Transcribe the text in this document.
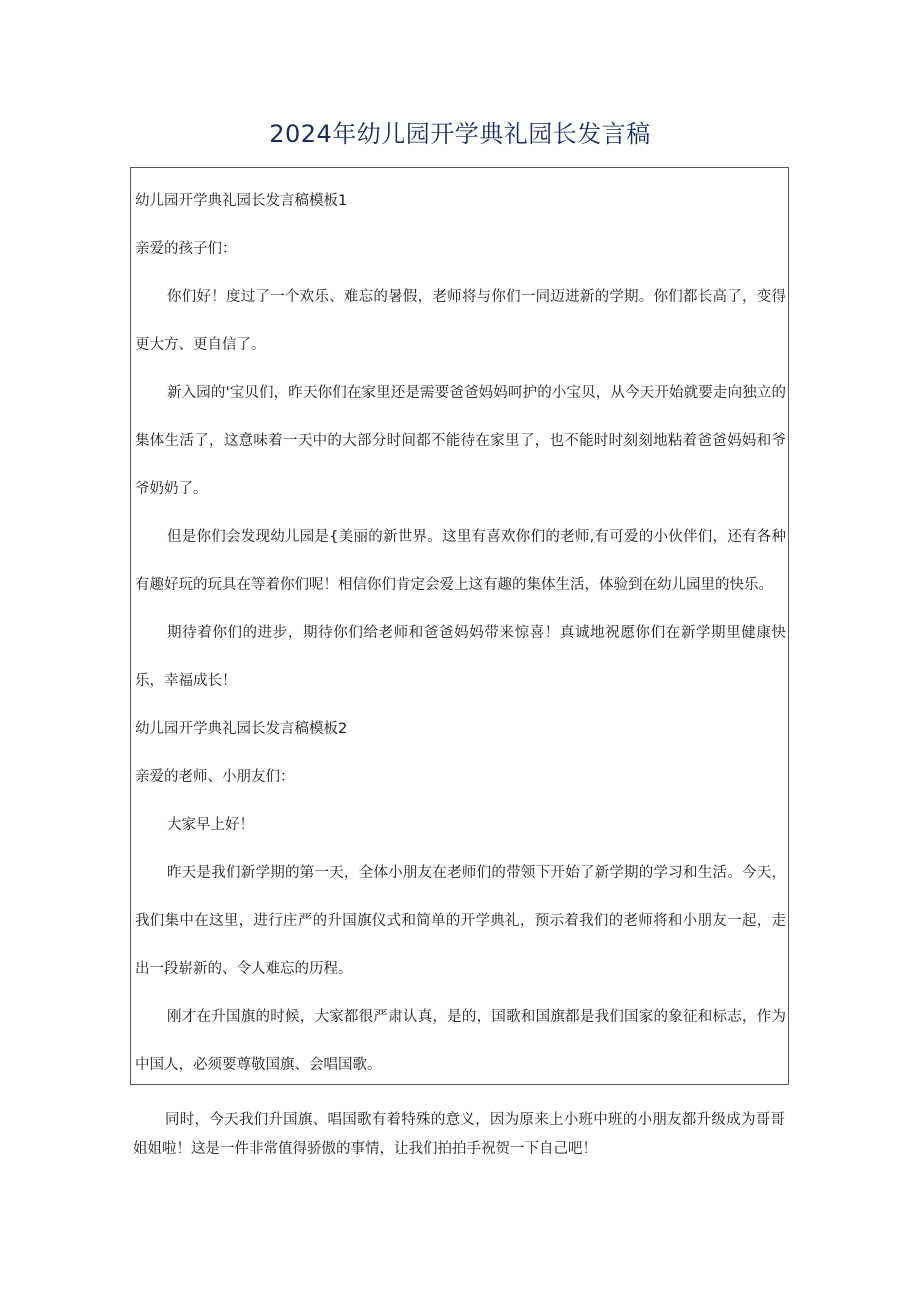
2024年幼儿园开学典礼园长发言稿

幼儿园开学典礼园长发言稿模板1

亲爱的孩子们：

你们好！度过了一个欢乐、难忘的暑假，老师将与你们一同迈进新的学期。你们都长高了，变得更大方、更自信了。

新入园的'宝贝们，昨天你们在家里还是需要爸爸妈妈呵护的小宝贝，从今天开始就要走向独立的集体生活了，这意味着一天中的大部分时间都不能待在家里了，也不能时时刻刻地粘着爸爸妈妈和爷爷奶奶了。

但是你们会发现幼儿园是{美丽的新世界。这里有喜欢你们的老师,有可爱的小伙伴们，还有各种有趣好玩的玩具在等着你们呢！相信你们肯定会爱上这有趣的集体生活，体验到在幼儿园里的快乐。

期待着你们的进步，期待你们给老师和爸爸妈妈带来惊喜！真诚地祝愿你们在新学期里健康快乐，幸福成长！

幼儿园开学典礼园长发言稿模板2

亲爱的老师、小朋友们：

大家早上好！

昨天是我们新学期的第一天，全体小朋友在老师们的带领下开始了新学期的学习和生活。今天，我们集中在这里，进行庄严的升国旗仪式和简单的开学典礼，预示着我们的老师将和小朋友一起，走出一段崭新的、令人难忘的历程。

刚才在升国旗的时候，大家都很严肃认真，是的，国歌和国旗都是我们国家的象征和标志，作为中国人，必须要尊敬国旗、会唱国歌。

同时，今天我们升国旗、唱国歌有着特殊的意义，因为原来上小班中班的小朋友都升级成为哥哥姐姐啦！这是一件非常值得骄傲的事情，让我们拍拍手祝贺一下自己吧！
